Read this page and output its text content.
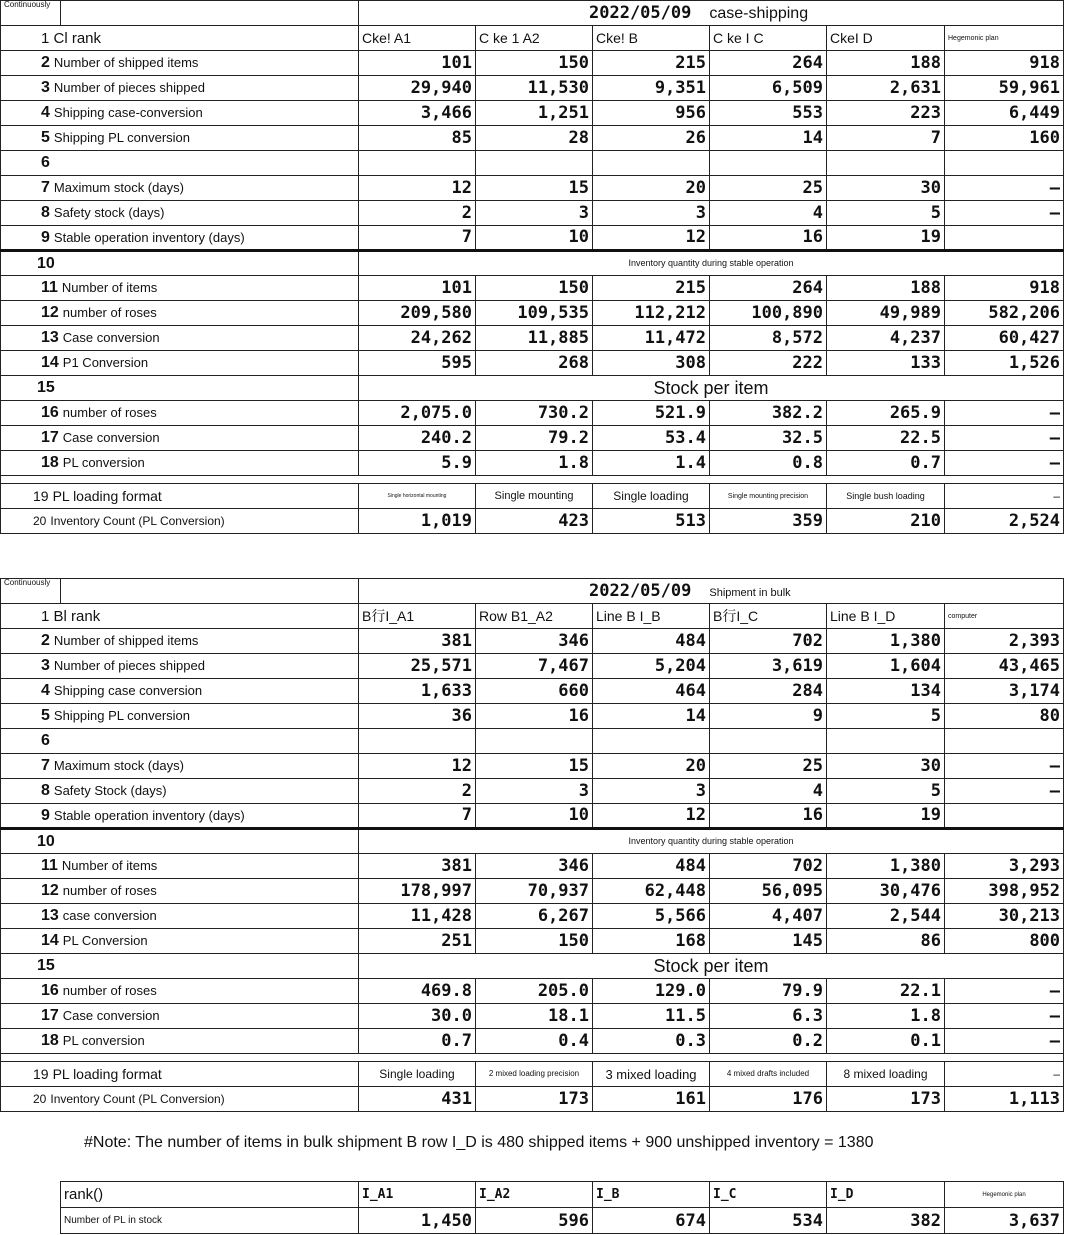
Continuously		2022/05/09 case-shipping					
1 Cl rank		Cke! A1	C ke 1 A2	Cke! B	C ke I C	CkeI D	Hegemonic plan
2 Number of shipped items		101	150	215	264	188	918
3 Number of pieces shipped		29,940	11,530	9,351	6,509	2,631	59,961
4 Shipping case-conversion		3,466	1,251	956	553	223	6,449
5 Shipping PL conversion		85	28	26	14	7	160
6							
7 Maximum stock (days)		12	15	20	25	30	–
8 Safety stock (days)		2	3	3	4	5	–
9 Stable operation inventory (days)		7	10	12	16	19	
10		Inventory quantity during stable operation					
11 Number of items		101	150	215	264	188	918
12 number of roses		209,580	109,535	112,212	100,890	49,989	582,206
13 Case conversion		24,262	11,885	11,472	8,572	4,237	60,427
14 P1 Conversion		595	268	308	222	133	1,526
15		Stock per item					
16 number of roses		2,075.0	730.2	521.9	382.2	265.9	–
17 Case conversion		240.2	79.2	53.4	32.5	22.5	–
18 PL conversion		5.9	1.8	1.4	0.8	0.7	–

19 PL loading format		Single horizontal mounting	Single mounting	Single loading	Single mounting precision	Single bush loading	–
20 Inventory Count (PL Conversion)		1,019	423	513	359	210	2,524
Continuously		2022/05/09 Shipment in bulk					
1 Bl rank		B行I_A1	Row B1_A2	Line B I_B	B行I_C	Line B I_D	computer
2 Number of shipped items		381	346	484	702	1,380	2,393
3 Number of pieces shipped		25,571	7,467	5,204	3,619	1,604	43,465
4 Shipping case conversion		1,633	660	464	284	134	3,174
5 Shipping PL conversion		36	16	14	9	5	80
6							
7 Maximum stock (days)		12	15	20	25	30	–
8 Safety Stock (days)		2	3	3	4	5	–
9 Stable operation inventory (days)		7	10	12	16	19	
10		Inventory quantity during stable operation					
11 Number of items		381	346	484	702	1,380	3,293
12 number of roses		178,997	70,937	62,448	56,095	30,476	398,952
13 case conversion		11,428	6,267	5,566	4,407	2,544	30,213
14 PL Conversion		251	150	168	145	86	800
15		Stock per item					
16 number of roses		469.8	205.0	129.0	79.9	22.1	–
17 Case conversion		30.0	18.1	11.5	6.3	1.8	–
18 PL conversion		0.7	0.4	0.3	0.2	0.1	–

19 PL loading format		Single loading	2 mixed loading precision	3 mixed loading	4 mixed drafts included	8 mixed loading	–
20 Inventory Count (PL Conversion)		431	173	161	176	173	1,113
#Note: The number of items in bulk shipment B row I_D is 480 shipped items + 900 unshipped inventory = 1380
rank()	I_A1	I_A2	I_B	I_C	I_D	Hegemonic plan
Number of PL in stock	1,450	596	674	534	382	3,637
